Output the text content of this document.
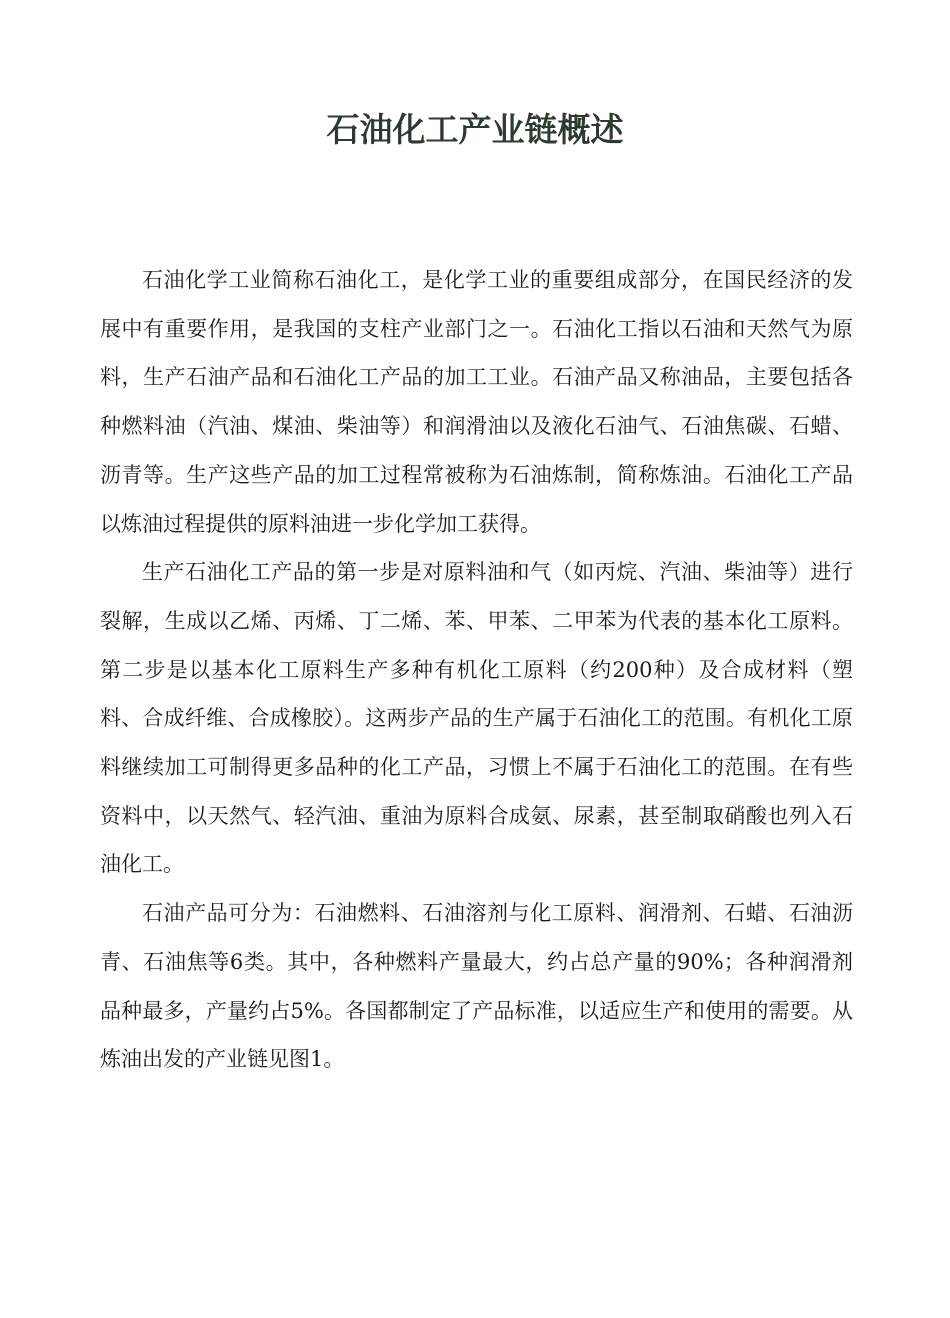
石油化工产业链概述

石油化学工业简称石油化工，是化学工业的重要组成部分，在国民经济的发展中有重要作用，是我国的支柱产业部门之一。石油化工指以石油和天然气为原料，生产石油产品和石油化工产品的加工工业。石油产品又称油品，主要包括各种燃料油（汽油、煤油、柴油等）和润滑油以及液化石油气、石油焦碳、石蜡、沥青等。生产这些产品的加工过程常被称为石油炼制，简称炼油。石油化工产品以炼油过程提供的原料油进一步化学加工获得。

生产石油化工产品的第一步是对原料油和气（如丙烷、汽油、柴油等）进行裂解，生成以乙烯、丙烯、丁二烯、苯、甲苯、二甲苯为代表的基本化工原料。第二步是以基本化工原料生产多种有机化工原料（约200种）及合成材料（塑料、合成纤维、合成橡胶）。这两步产品的生产属于石油化工的范围。有机化工原料继续加工可制得更多品种的化工产品，习惯上不属于石油化工的范围。在有些资料中，以天然气、轻汽油、重油为原料合成氨、尿素，甚至制取硝酸也列入石油化工。

石油产品可分为：石油燃料、石油溶剂与化工原料、润滑剂、石蜡、石油沥青、石油焦等6类。其中，各种燃料产量最大，约占总产量的90%；各种润滑剂品种最多，产量约占5%。各国都制定了产品标准，以适应生产和使用的需要。从炼油出发的产业链见图1。
